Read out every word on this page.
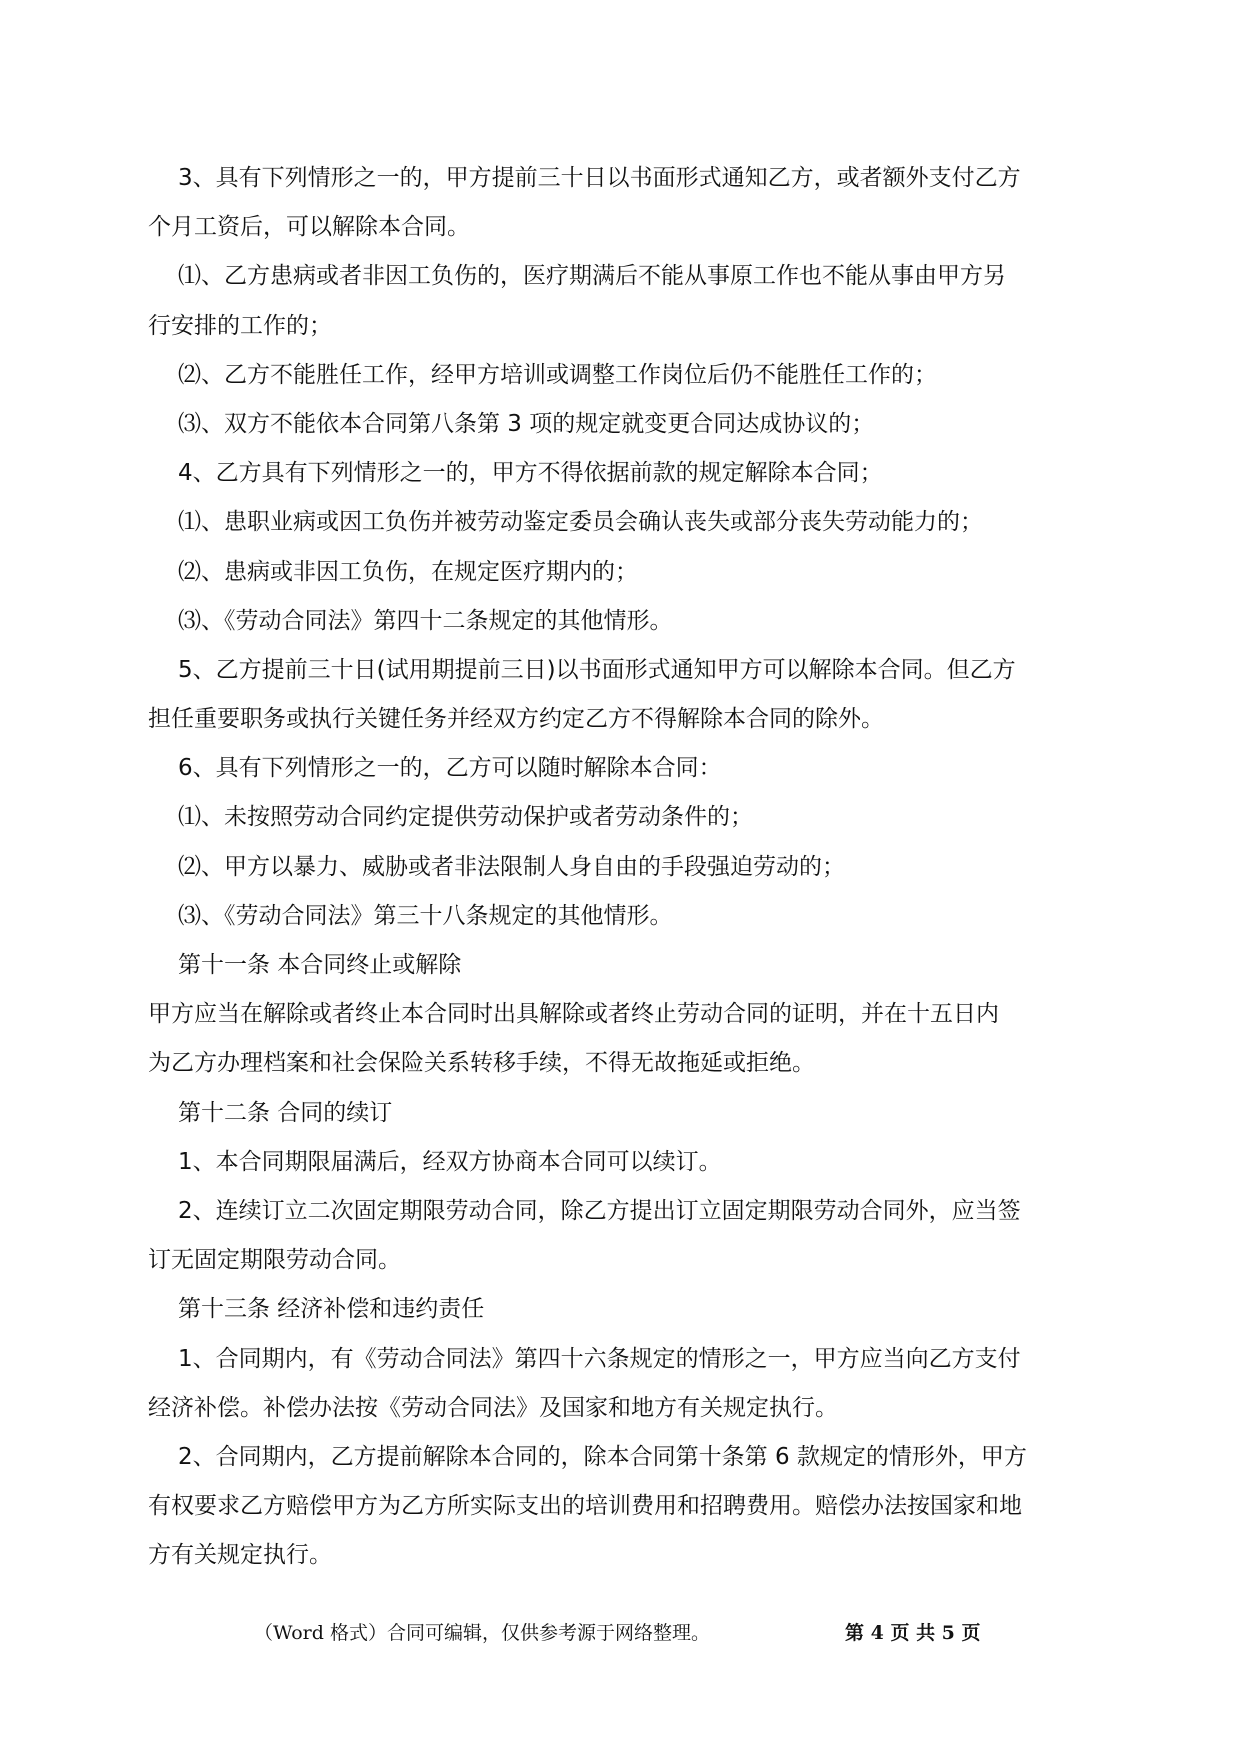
3、具有下列情形之一的，甲方提前三十日以书面形式通知乙方，或者额外支付乙方
个月工资后，可以解除本合同。
⑴、乙方患病或者非因工负伤的，医疗期满后不能从事原工作也不能从事由甲方另
行安排的工作的；
⑵、乙方不能胜任工作，经甲方培训或调整工作岗位后仍不能胜任工作的；
⑶、双方不能依本合同第八条第 3 项的规定就变更合同达成协议的；
4、乙方具有下列情形之一的，甲方不得依据前款的规定解除本合同；
⑴、患职业病或因工负伤并被劳动鉴定委员会确认丧失或部分丧失劳动能力的；
⑵、患病或非因工负伤，在规定医疗期内的；
⑶、《劳动合同法》第四十二条规定的其他情形。
5、乙方提前三十日(试用期提前三日)以书面形式通知甲方可以解除本合同。但乙方
担任重要职务或执行关键任务并经双方约定乙方不得解除本合同的除外。
6、具有下列情形之一的，乙方可以随时解除本合同：
⑴、未按照劳动合同约定提供劳动保护或者劳动条件的；
⑵、甲方以暴力、威胁或者非法限制人身自由的手段强迫劳动的；
⑶、《劳动合同法》第三十八条规定的其他情形。
第十一条 本合同终止或解除
甲方应当在解除或者终止本合同时出具解除或者终止劳动合同的证明，并在十五日内
为乙方办理档案和社会保险关系转移手续，不得无故拖延或拒绝。
第十二条 合同的续订
1、本合同期限届满后，经双方协商本合同可以续订。
2、连续订立二次固定期限劳动合同，除乙方提出订立固定期限劳动合同外，应当签
订无固定期限劳动合同。
第十三条 经济补偿和违约责任
1、合同期内，有《劳动合同法》第四十六条规定的情形之一，甲方应当向乙方支付
经济补偿。补偿办法按《劳动合同法》及国家和地方有关规定执行。
2、合同期内，乙方提前解除本合同的，除本合同第十条第 6 款规定的情形外，甲方
有权要求乙方赔偿甲方为乙方所实际支出的培训费用和招聘费用。赔偿办法按国家和地
方有关规定执行。
（Word 格式）合同可编辑，仅供参考源于网络整理。	第 4 页 共 5 页
